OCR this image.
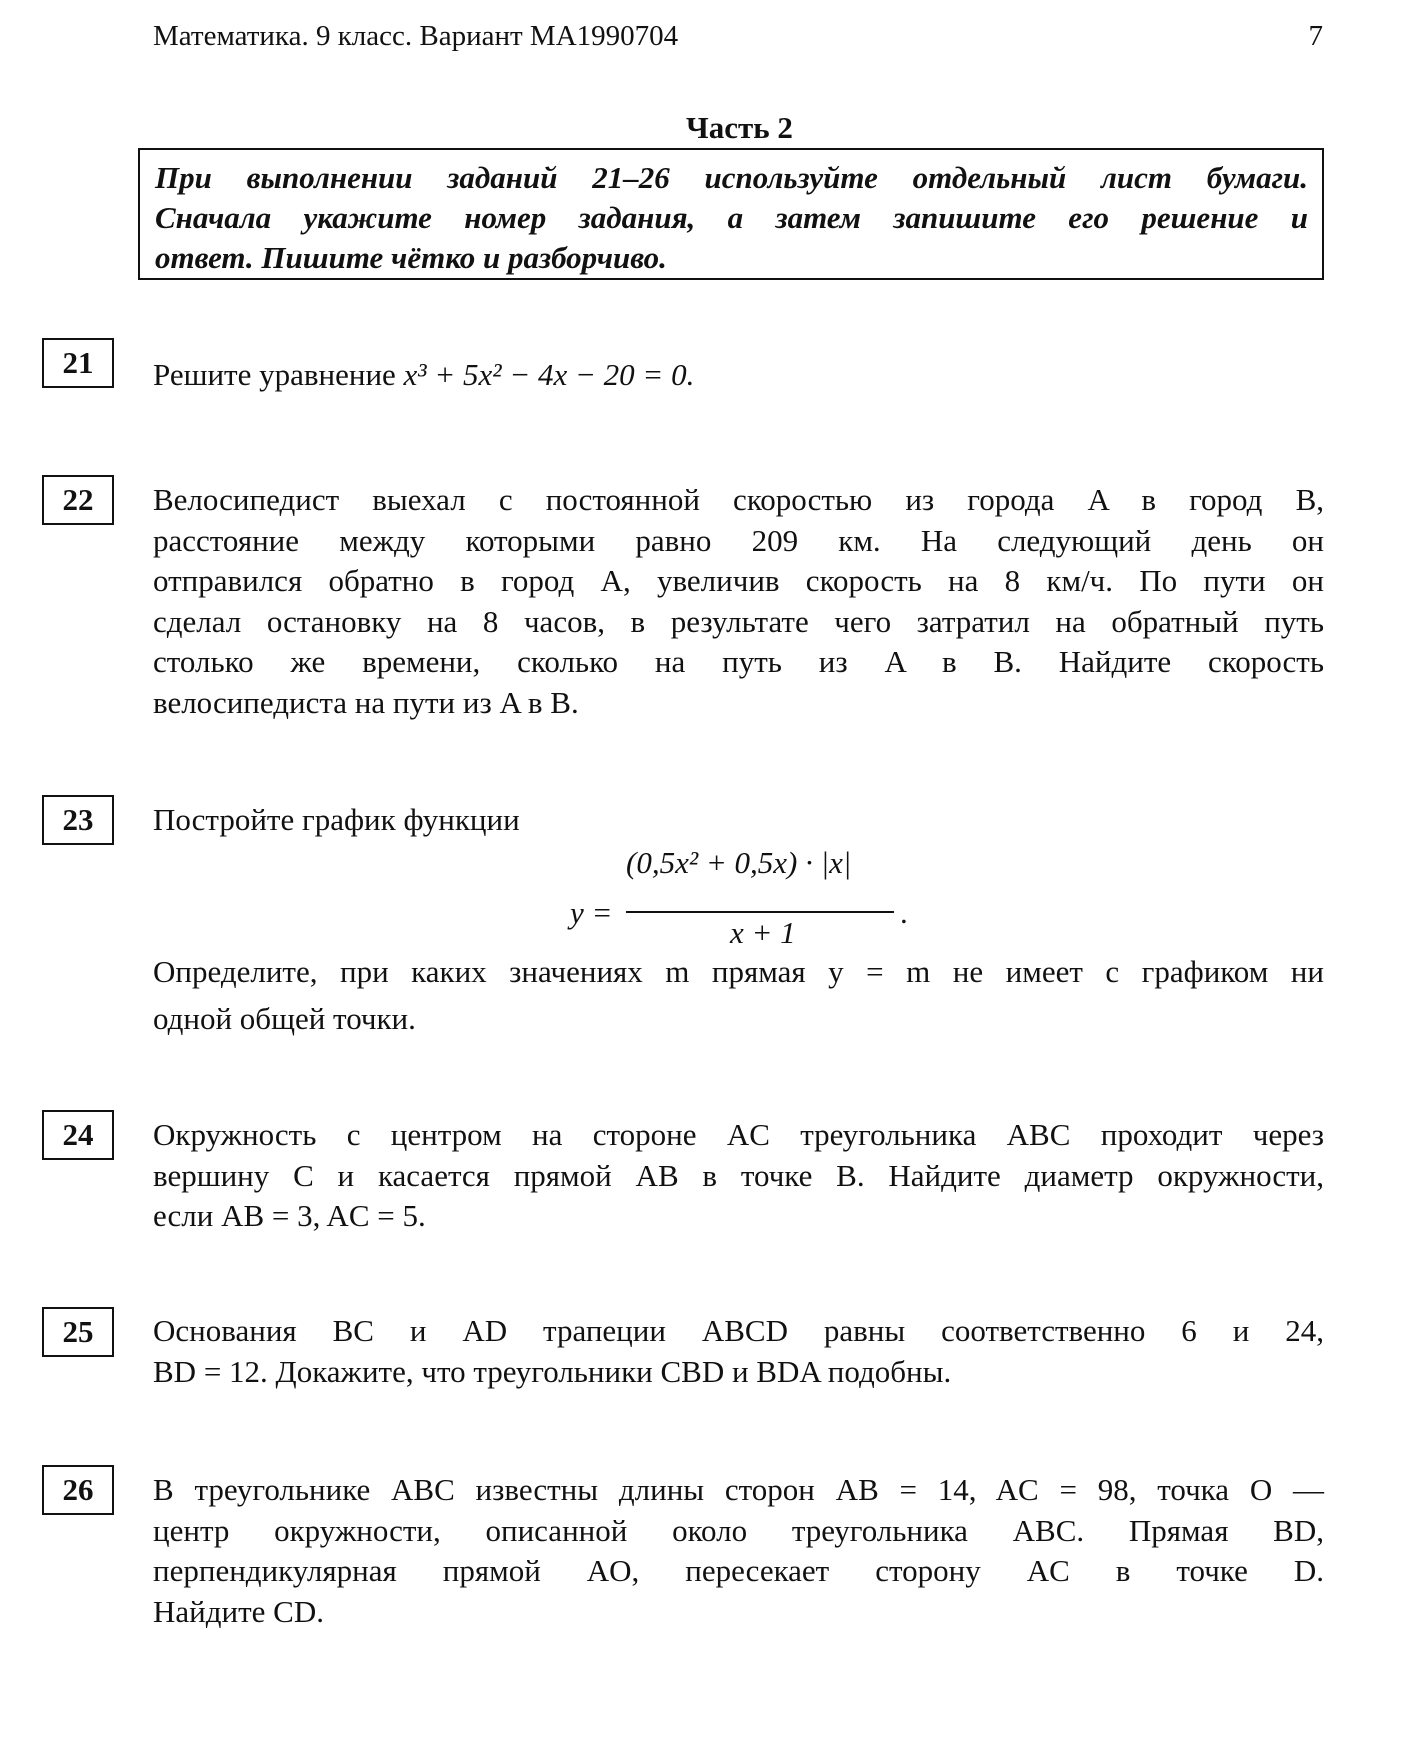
Математика. 9 класс. Вариант МА1990704	7
Часть 2
При выполнении заданий 21–26 используйте отдельный лист бумаги.
Сначала укажите номер задания, а затем запишите его решение и
ответ. Пишите чётко и разборчиво.
21	Решите уравнение x³ + 5x² − 4x − 20 = 0.
22	Велосипедист выехал с постоянной скоростью из города A в город B,
расстояние между которыми равно 209 км. На следующий день он
отправился обратно в город A, увеличив скорость на 8 км/ч. По пути он
сделал остановку на 8 часов, в результате чего затратил на обратный путь
столько же времени, сколько на путь из A в B. Найдите скорость
велосипедиста на пути из A в B.
23	Постройте график функции
y =
(0,5x² + 0,5x) · |x|
x + 1
.
Определите, при каких значениях m прямая y = m не имеет с графиком ни
одной общей точки.
24	Окружность с центром на стороне AC треугольника ABC проходит через
вершину C и касается прямой AB в точке B. Найдите диаметр окружности,
если AB = 3, AC = 5.
25	Основания BC и AD трапеции ABCD равны соответственно 6 и 24,
BD = 12. Докажите, что треугольники CBD и BDA подобны.
26	В треугольнике ABC известны длины сторон AB = 14, AC = 98, точка O —
центр окружности, описанной около треугольника ABC. Прямая BD,
перпендикулярная прямой AO, пересекает сторону AC в точке D.
Найдите CD.
